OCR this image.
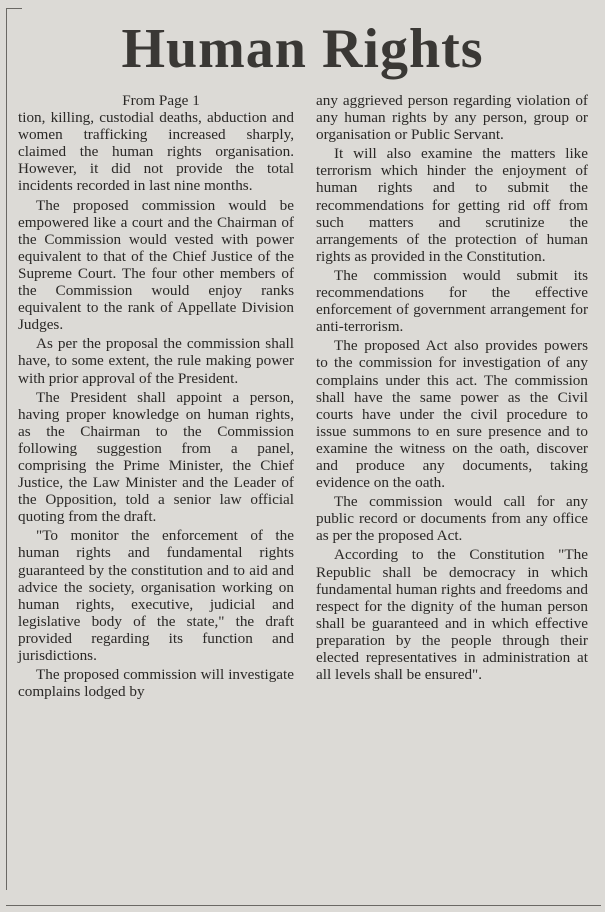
Human Rights
From Page 1

tion, killing, custodial deaths, abduction and women trafficking increased sharply, claimed the human rights organisation. However, it did not provide the total incidents recorded in last nine months.

The proposed commission would be empowered like a court and the Chairman of the Commission would vested with power equivalent to that of the Chief Justice of the Supreme Court. The four other members of the Commission would enjoy ranks equivalent to the rank of Appellate Division Judges.

As per the proposal the commission shall have, to some extent, the rule making power with prior approval of the President.

The President shall appoint a person, having proper knowledge on human rights, as the Chairman to the Commission following suggestion from a panel, comprising the Prime Minister, the Chief Justice, the Law Minister and the Leader of the Opposition, told a senior law official quoting from the draft.

"To monitor the enforcement of the human rights and fundamental rights guaranteed by the constitution and to aid and advice the society, organisation working on human rights, executive, judicial and legislative body of the state," the draft provided regarding its function and jurisdictions.

The proposed commission will investigate complains lodged by

any aggrieved person regarding violation of any human rights by any person, group or organisation or Public Servant.

It will also examine the matters like terrorism which hinder the enjoyment of human rights and to submit the recommendations for getting rid off from such matters and scrutinize the arrangements of the protection of human rights as provided in the Constitution.

The commission would submit its recommendations for the effective enforcement of government arrangement for anti-terrorism.

The proposed Act also provides powers to the commission for investigation of any complains under this act. The commission shall have the same power as the Civil courts have under the civil procedure to issue summons to en sure presence and to examine the witness on the oath, discover and produce any documents, taking evidence on the oath.

The commission would call for any public record or documents from any office as per the proposed Act.

According to the Constitution "The Republic shall be democracy in which fundamental human rights and freedoms and respect for the dignity of the human person shall be guaranteed and in which effective preparation by the people through their elected representatives in administration at all levels shall be ensured".
